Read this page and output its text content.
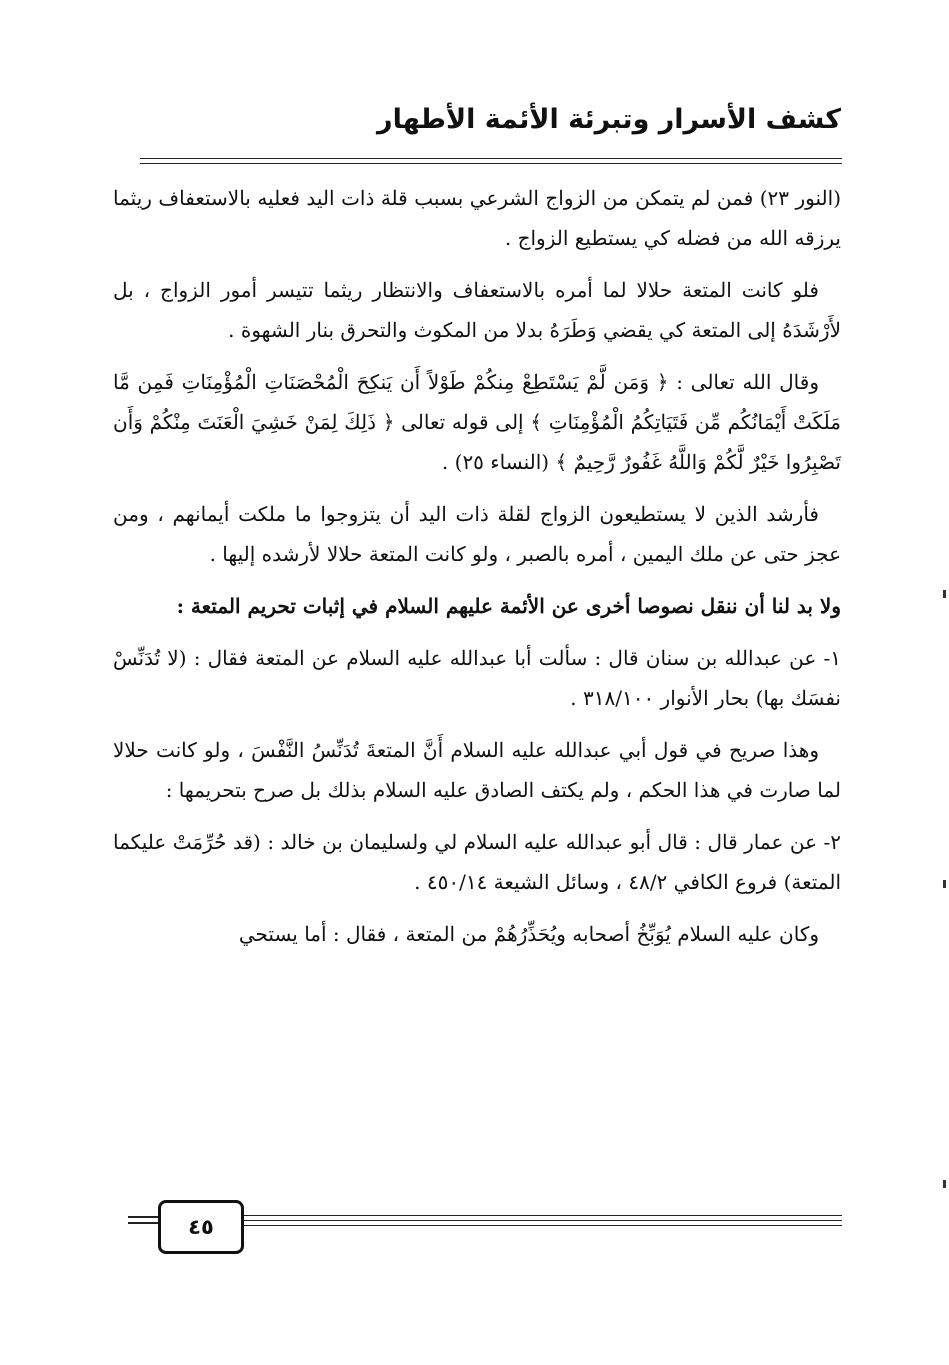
كشف الأسرار وتبرئة الأئمة الأطهار

(النور ٢٣) فمن لم يتمكن من الزواج الشرعي بسبب قلة ذات اليد فعليه بالاستعفاف ريثما يرزقه الله من فضله كي يستطيع الزواج .

فلو كانت المتعة حلالا لما أمره بالاستعفاف والانتظار ريثما تتيسر أمور الزواج ، بل لأَرْشَدَهُ إلى المتعة كي يقضي وَطَرَهُ بدلا من المكوث والتحرق بنار الشهوة .

وقال الله تعالى : ﴿ وَمَن لَّمْ يَسْتَطِعْ مِنكُمْ طَوْلاً أَن يَنكِحَ الْمُحْصَنَاتِ الْمُؤْمِنَاتِ فَمِن مَّا مَلَكَتْ أَيْمَانُكُم مِّن فَتَيَاتِكُمُ الْمُؤْمِنَاتِ ﴾ إلى قوله تعالى ﴿ ذَلِكَ لِمَنْ خَشِيَ الْعَنَتَ مِنْكُمْ وَأَن تَصْبِرُوا خَيْرٌ لَّكُمْ وَاللَّهُ غَفُورٌ رَّحِيمٌ ﴾ (النساء ٢٥) .

فأرشد الذين لا يستطيعون الزواج لقلة ذات اليد أن يتزوجوا ما ملكت أيمانهم ، ومن عجز حتى عن ملك اليمين ، أمره بالصبر ، ولو كانت المتعة حلالا لأرشده إليها .

ولا بد لنا أن ننقل نصوصا أخرى عن الأئمة عليهم السلام في إثبات تحريم المتعة :

١- عن عبدالله بن سنان قال : سألت أبا عبدالله عليه السلام عن المتعة فقال : (لا تُدَنِّسْ نفسَك بها) بحار الأنوار ٣١٨/١٠٠ .

وهذا صريح في قول أبي عبدالله عليه السلام أَنَّ المتعةَ تُدَنِّسُ النَّفْسَ ، ولو كانت حلالا لما صارت في هذا الحكم ، ولم يكتف الصادق عليه السلام بذلك بل صرح بتحريمها :

٢- عن عمار قال : قال أبو عبدالله عليه السلام لي ولسليمان بن خالد : (قد حُرِّمَتْ عليكما المتعة) فروع الكافي ٤٨/٢ ، وسائل الشيعة ٤٥٠/١٤ .

وكان عليه السلام يُوَبِّخُ أصحابه ويُحَذِّرُهُمْ من المتعة ، فقال : أما يستحي

٤٥
